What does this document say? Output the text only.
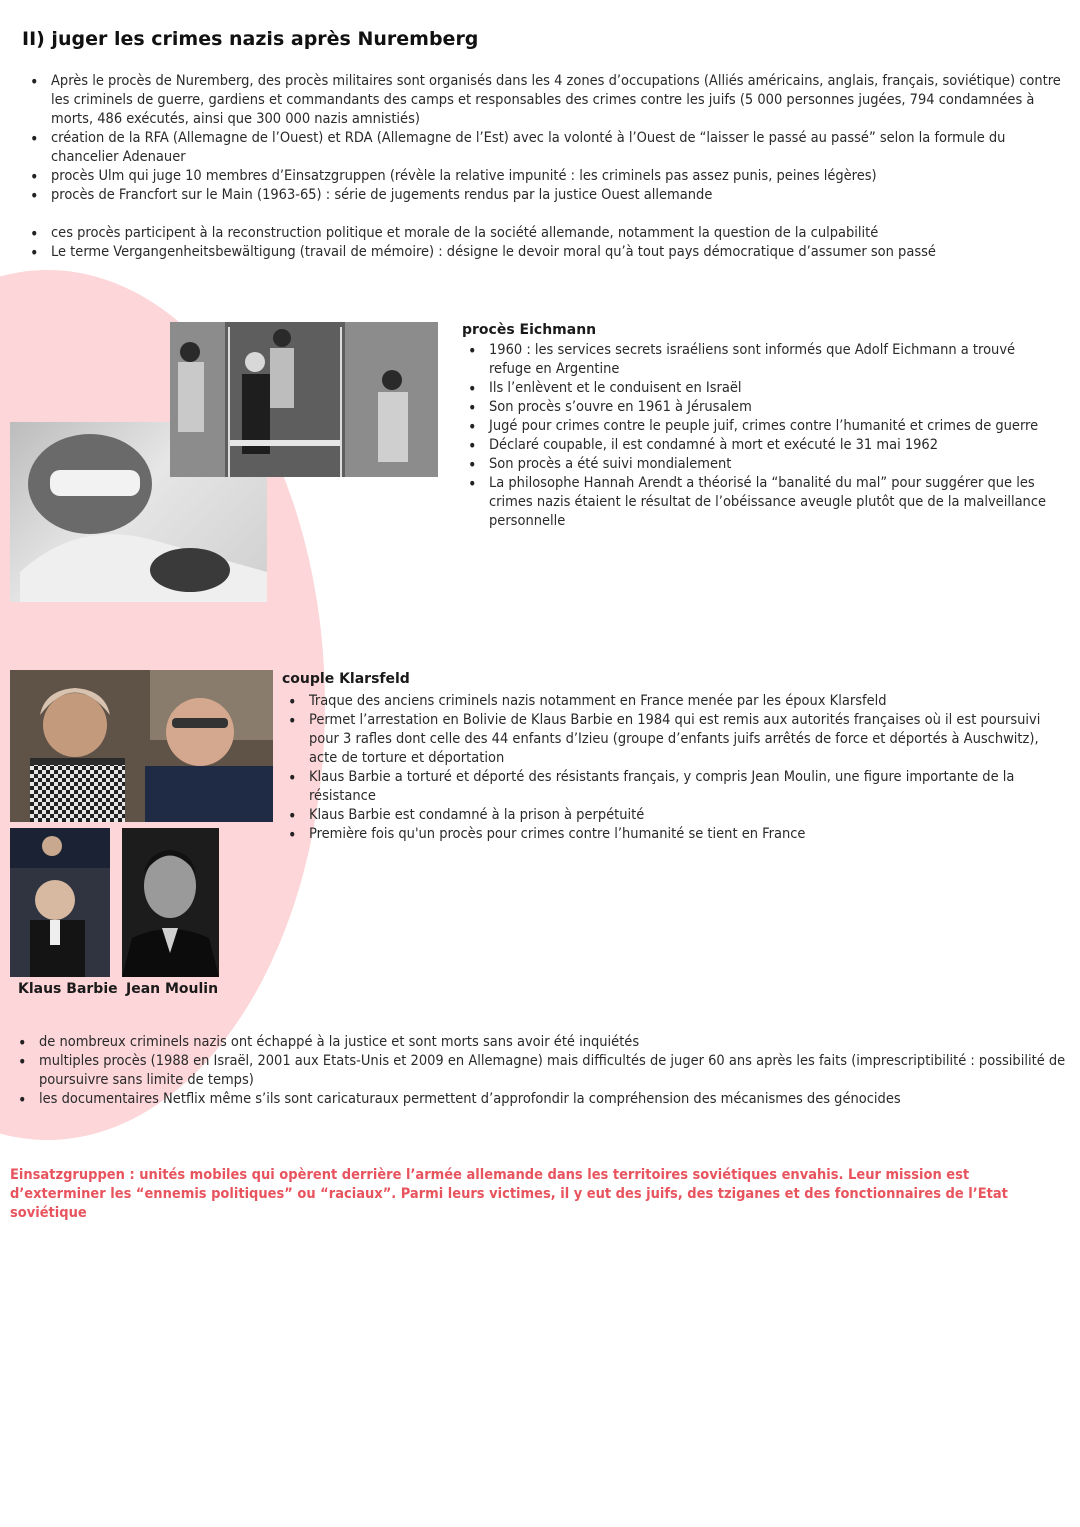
II) juger les crimes nazis après Nuremberg
• Après le procès de Nuremberg, des procès militaires sont organisés dans les 4 zones d’occupations (Alliés américains, anglais, français, soviétique) contre les criminels de guerre, gardiens et commandants des camps et responsables des crimes contre les juifs (5 000 personnes jugées, 794 condamnées à morts, 486 exécutés, ainsi que 300 000 nazis amnistiés)
• création de la RFA (Allemagne de l’Ouest) et RDA (Allemagne de l’Est) avec la volonté à l’Ouest de “laisser le passé au passé” selon la formule du chancelier Adenauer
• procès Ulm qui juge 10 membres d’Einsatzgruppen (révèle la relative impunité : les criminels pas assez punis, peines légères)
• procès de Francfort sur le Main (1963-65) : série de jugements rendus par la justice Ouest allemande
• ces procès participent à la reconstruction politique et morale de la société allemande, notamment la question de la culpabilité
• Le terme Vergangenheitsbewältigung (travail de mémoire) : désigne le devoir moral qu’à tout pays démocratique d’assumer son passé
procès Eichmann
• 1960 : les services secrets israéliens sont informés que Adolf Eichmann a trouvé refuge en Argentine
• Ils l’enlèvent et le conduisent en Israël
• Son procès s’ouvre en 1961 à Jérusalem
• Jugé pour crimes contre le peuple juif, crimes contre l’humanité et crimes de guerre
• Déclaré coupable, il est condamné à mort et exécuté le 31 mai 1962
• Son procès a été suivi mondialement
• La philosophe Hannah Arendt a théorisé la “banalité du mal” pour suggérer que les crimes nazis étaient le résultat de l’obéissance aveugle plutôt que de la malveillance personnelle
Klaus Barbie Jean Moulin
couple Klarsfeld
• Traque des anciens criminels nazis notamment en France menée par les époux Klarsfeld
• Permet l’arrestation en Bolivie de Klaus Barbie en 1984 qui est remis aux autorités françaises où il est poursuivi pour 3 rafles dont celle des 44 enfants d’Izieu (groupe d’enfants juifs arrêtés de force et déportés à Auschwitz), acte de torture et déportation
• Klaus Barbie a torturé et déporté des résistants français, y compris Jean Moulin, une figure importante de la résistance
• Klaus Barbie est condamné à la prison à perpétuité
• Première fois qu'un procès pour crimes contre l’humanité se tient en France
• de nombreux criminels nazis ont échappé à la justice et sont morts sans avoir été inquiétés
• multiples procès (1988 en Israël, 2001 aux Etats-Unis et 2009 en Allemagne) mais difficultés de juger 60 ans après les faits (imprescriptibilité : possibilité de poursuivre sans limite de temps)
• les documentaires Netflix même s’ils sont caricaturaux permettent d’approfondir la compréhension des mécanismes des génocides

Einsatzgruppen : unités mobiles qui opèrent derrière l’armée allemande dans les territoires soviétiques envahis. Leur mission est d’exterminer les “ennemis politiques” ou “raciaux”. Parmi leurs victimes, il y eut des juifs, des tziganes et des fonctionnaires de l’Etat soviétique
